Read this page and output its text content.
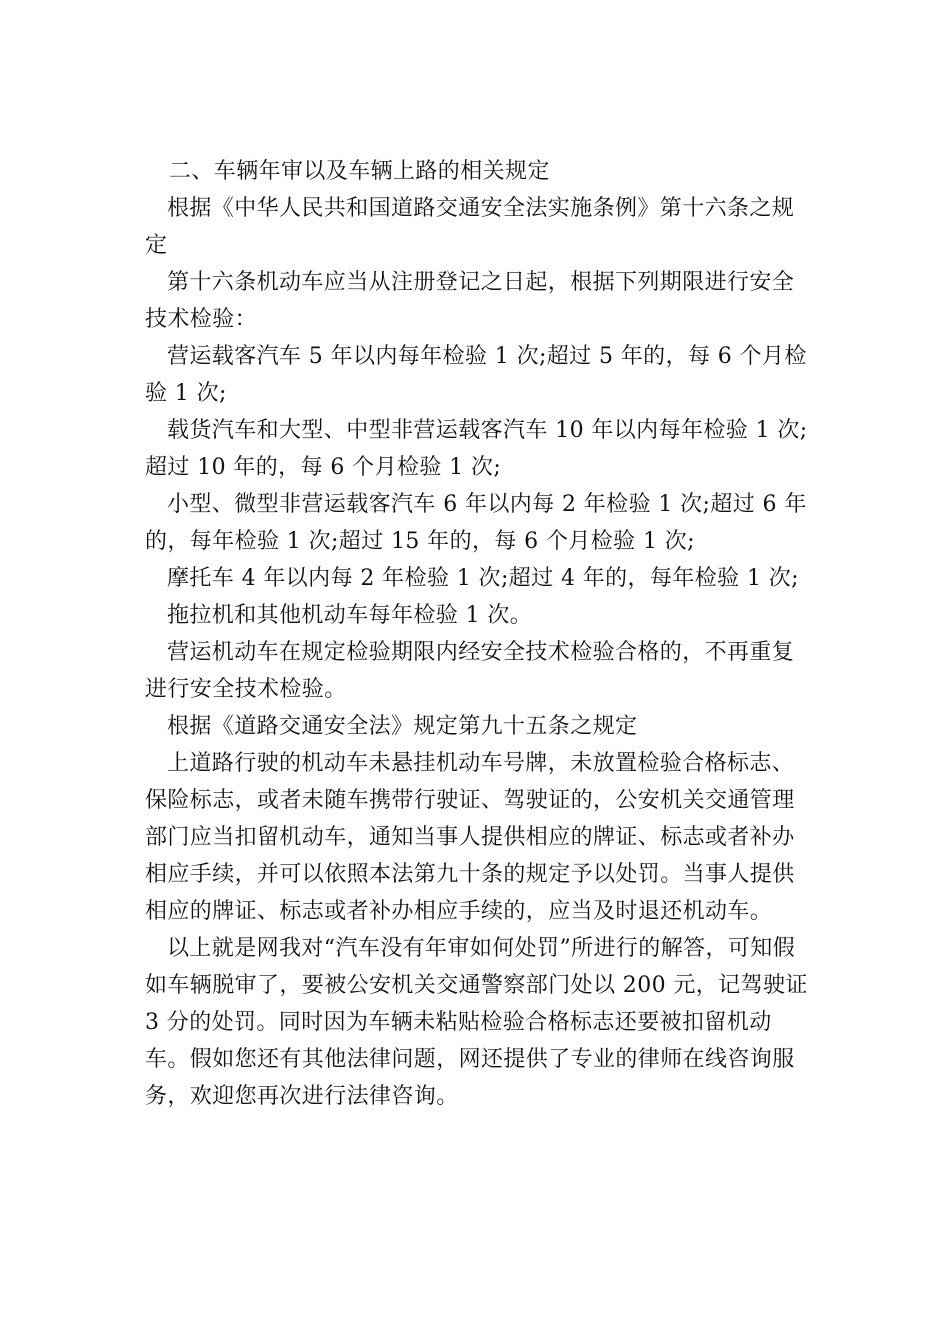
二、车辆年审以及车辆上路的相关规定

根据《中华人民共和国道路交通安全法实施条例》第十六条之规定

第十六条机动车应当从注册登记之日起，根据下列期限进行安全技术检验：

营运载客汽车 5 年以内每年检验 1 次;超过 5 年的，每 6 个月检验 1 次;

载货汽车和大型、中型非营运载客汽车 10 年以内每年检验 1 次;超过 10 年的，每 6 个月检验 1 次;

小型、微型非营运载客汽车 6 年以内每 2 年检验 1 次;超过 6 年的，每年检验 1 次;超过 15 年的，每 6 个月检验 1 次;

摩托车 4 年以内每 2 年检验 1 次;超过 4 年的，每年检验 1 次;

拖拉机和其他机动车每年检验 1 次。

营运机动车在规定检验期限内经安全技术检验合格的，不再重复进行安全技术检验。

根据《道路交通安全法》规定第九十五条之规定

上道路行驶的机动车未悬挂机动车号牌，未放置检验合格标志、保险标志，或者未随车携带行驶证、驾驶证的，公安机关交通管理部门应当扣留机动车，通知当事人提供相应的牌证、标志或者补办相应手续，并可以依照本法第九十条的规定予以处罚。当事人提供相应的牌证、标志或者补办相应手续的，应当及时退还机动车。

以上就是网我对“汽车没有年审如何处罚”所进行的解答，可知假如车辆脱审了，要被公安机关交通警察部门处以 200 元，记驾驶证 3 分的处罚。同时因为车辆未粘贴检验合格标志还要被扣留机动车。假如您还有其他法律问题，网还提供了专业的律师在线咨询服务，欢迎您再次进行法律咨询。
